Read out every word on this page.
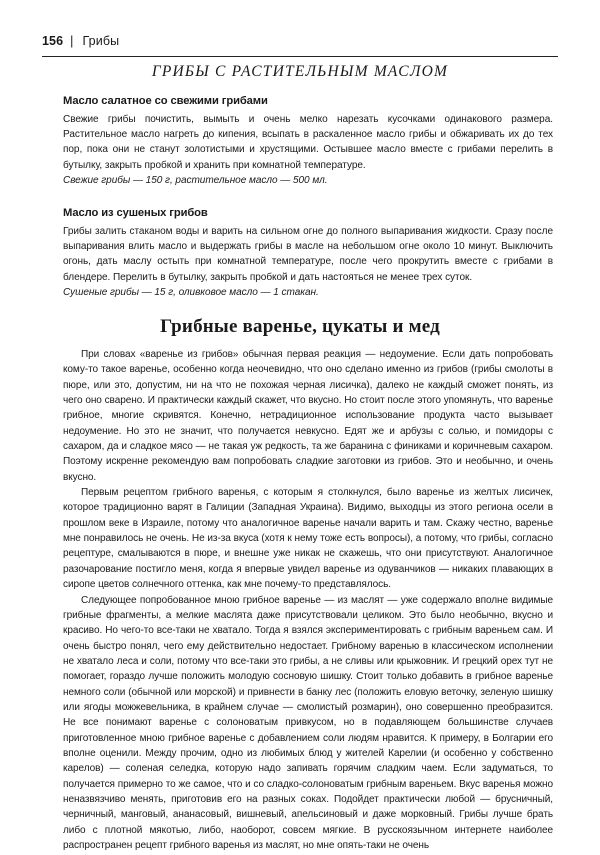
156 | Грибы
ГРИБЫ С РАСТИТЕЛЬНЫМ МАСЛОМ
Масло салатное со свежими грибами

Свежие грибы почистить, вымыть и очень мелко нарезать кусочками одинакового размера. Растительное масло нагреть до кипения, всыпать в раскаленное масло грибы и обжаривать их до тех пор, пока они не станут золотистыми и хрустящими. Остывшее масло вместе с грибами перелить в бутылку, закрыть пробкой и хранить при комнатной температуре.

Свежие грибы — 150 г, растительное масло — 500 мл.

Масло из сушеных грибов

Грибы залить стаканом воды и варить на сильном огне до полного выпаривания жидкости. Сразу после выпаривания влить масло и выдержать грибы в масле на небольшом огне около 10 минут. Выключить огонь, дать маслу остыть при комнатной температуре, после чего прокрутить вместе с грибами в блендере. Перелить в бутылку, закрыть пробкой и дать настояться не менее трех суток.

Сушеные грибы — 15 г, оливковое масло — 1 стакан.

Грибные варенье, цукаты и мед

При словах «варенье из грибов» обычная первая реакция — недоумение. Если дать попробовать кому-то такое варенье, особенно когда неочевидно, что оно сделано именно из грибов (грибы смолоты в пюре, или это, допустим, ни на что не похожая черная лисичка), далеко не каждый сможет понять, из чего оно сварено. И практически каждый скажет, что вкусно. Но стоит после этого упомянуть, что варенье грибное, многие скривятся. Конечно, нетрадиционное использование продукта часто вызывает недоумение. Но это не значит, что получается невкусно. Едят же и арбузы с солью, и помидоры с сахаром, да и сладкое мясо — не такая уж редкость, та же баранина с финиками и коричневым сахаром. Поэтому искренне рекомендую вам попробовать сладкие заготовки из грибов. Это и необычно, и очень вкусно.

Первым рецептом грибного варенья, с которым я столкнулся, было варенье из желтых лисичек, которое традиционно варят в Галиции (Западная Украина). Видимо, выходцы из этого региона осели в прошлом веке в Израиле, потому что аналогичное варенье начали варить и там. Скажу честно, варенье мне понравилось не очень. Не из-за вкуса (хотя к нему тоже есть вопросы), а потому, что грибы, согласно рецептуре, смалываются в пюре, и внешне уже никак не скажешь, что они присутствуют. Аналогичное разочарование постигло меня, когда я впервые увидел варенье из одуванчиков — никаких плавающих в сиропе цветов солнечного оттенка, как мне почему-то представлялось.

Следующее попробованное мною грибное варенье — из маслят — уже содержало вполне видимые грибные фрагменты, а мелкие маслята даже присутствовали целиком. Это было необычно, вкусно и красиво. Но чего-то все-таки не хватало. Тогда я взялся экспериментировать с грибным вареньем сам. И очень быстро понял, чего ему действительно недостает. Грибному варенью в классическом исполнении не хватало леса и соли, потому что все-таки это грибы, а не сливы или крыжовник. И грецкий орех тут не помогает, гораздо лучше положить молодую сосновую шишку. Стоит только добавить в грибное варенье немного соли (обычной или морской) и привнести в банку лес (положить еловую веточку, зеленую шишку или ягоды можжевельника, в крайнем случае — смолистый розмарин), оно совершенно преобразится. Не все понимают варенье с солоноватым привкусом, но в подавляющем большинстве случаев приготовленное мною грибное варенье с добавлением соли людям нравится. К примеру, в Болгарии его вполне оценили. Между прочим, одно из любимых блюд у жителей Карелии (и особенно у собственно карелов) — соленая селедка, которую надо запивать горячим сладким чаем. Если задуматься, то получается примерно то же самое, что и со сладко-солоноватым грибным вареньем. Вкус варенья можно неназвязчиво менять, приготовив его на разных соках. Подойдет практически любой — брусничный, черничный, манговый, ананасовый, вишневый, апельсиновый и даже морковный. Грибы лучше брать либо с плотной мякотью, либо, наоборот, совсем мягкие. В русскоязычном интернете наиболее распространен рецепт грибного варенья из маслят, но мне опять-таки не очень
